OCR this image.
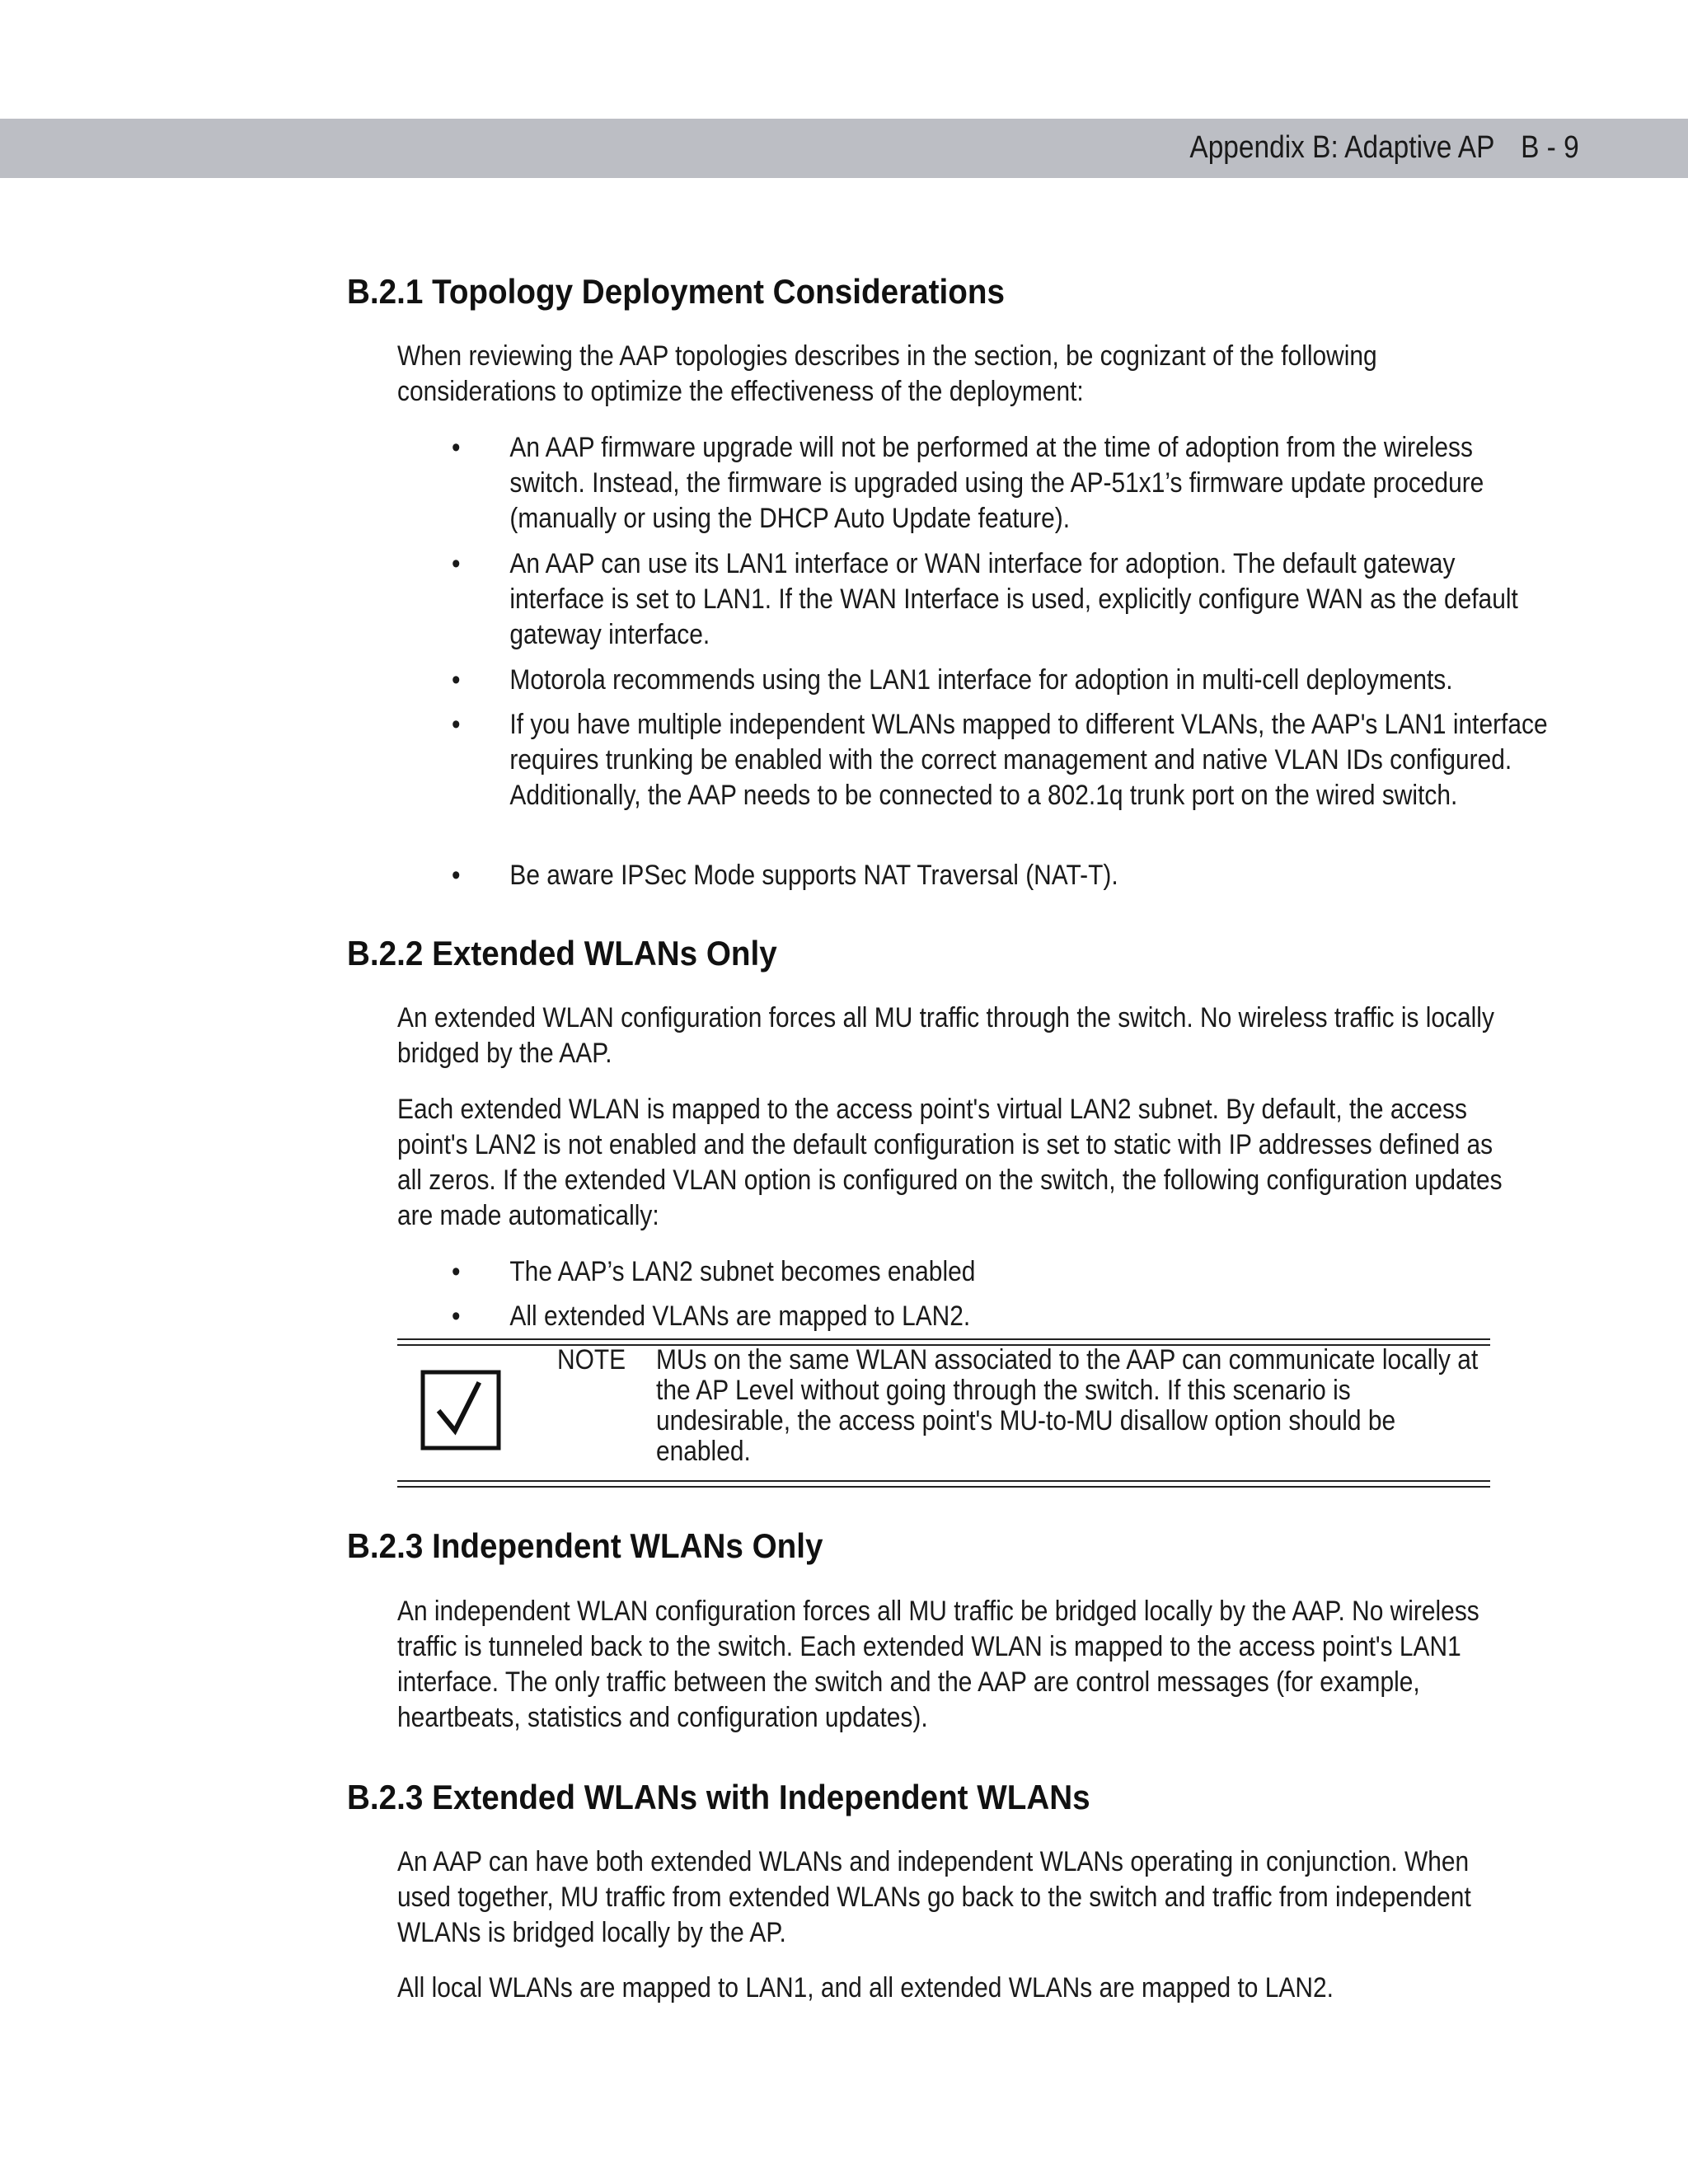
Appendix B: Adaptive AP B - 9
B.2.1 Topology Deployment Considerations

When reviewing the AAP topologies describes in the section, be cognizant of the following considerations to optimize the effectiveness of the deployment:

• An AAP firmware upgrade will not be performed at the time of adoption from the wireless switch. Instead, the firmware is upgraded using the AP-51x1’s firmware update procedure (manually or using the DHCP Auto Update feature).
• An AAP can use its LAN1 interface or WAN interface for adoption. The default gateway interface is set to LAN1. If the WAN Interface is used, explicitly configure WAN as the default gateway interface.
• Motorola recommends using the LAN1 interface for adoption in multi-cell deployments.
• If you have multiple independent WLANs mapped to different VLANs, the AAP's LAN1 interface requires trunking be enabled with the correct management and native VLAN IDs configured. Additionally, the AAP needs to be connected to a 802.1q trunk port on the wired switch.
• Be aware IPSec Mode supports NAT Traversal (NAT-T).
B.2.2 Extended WLANs Only

An extended WLAN configuration forces all MU traffic through the switch. No wireless traffic is locally bridged by the AAP.

Each extended WLAN is mapped to the access point's virtual LAN2 subnet. By default, the access point's LAN2 is not enabled and the default configuration is set to static with IP addresses defined as all zeros. If the extended VLAN option is configured on the switch, the following configuration updates are made automatically:

• The AAP’s LAN2 subnet becomes enabled
• All extended VLANs are mapped to LAN2.
NOTE MUs on the same WLAN associated to the AAP can communicate locally at the AP Level without going through the switch. If this scenario is undesirable, the access point's MU-to-MU disallow option should be enabled.
B.2.3 Independent WLANs Only

An independent WLAN configuration forces all MU traffic be bridged locally by the AAP. No wireless traffic is tunneled back to the switch. Each extended WLAN is mapped to the access point's LAN1 interface. The only traffic between the switch and the AAP are control messages (for example, heartbeats, statistics and configuration updates).

B.2.3 Extended WLANs with Independent WLANs

An AAP can have both extended WLANs and independent WLANs operating in conjunction. When used together, MU traffic from extended WLANs go back to the switch and traffic from independent WLANs is bridged locally by the AP.

All local WLANs are mapped to LAN1, and all extended WLANs are mapped to LAN2.
